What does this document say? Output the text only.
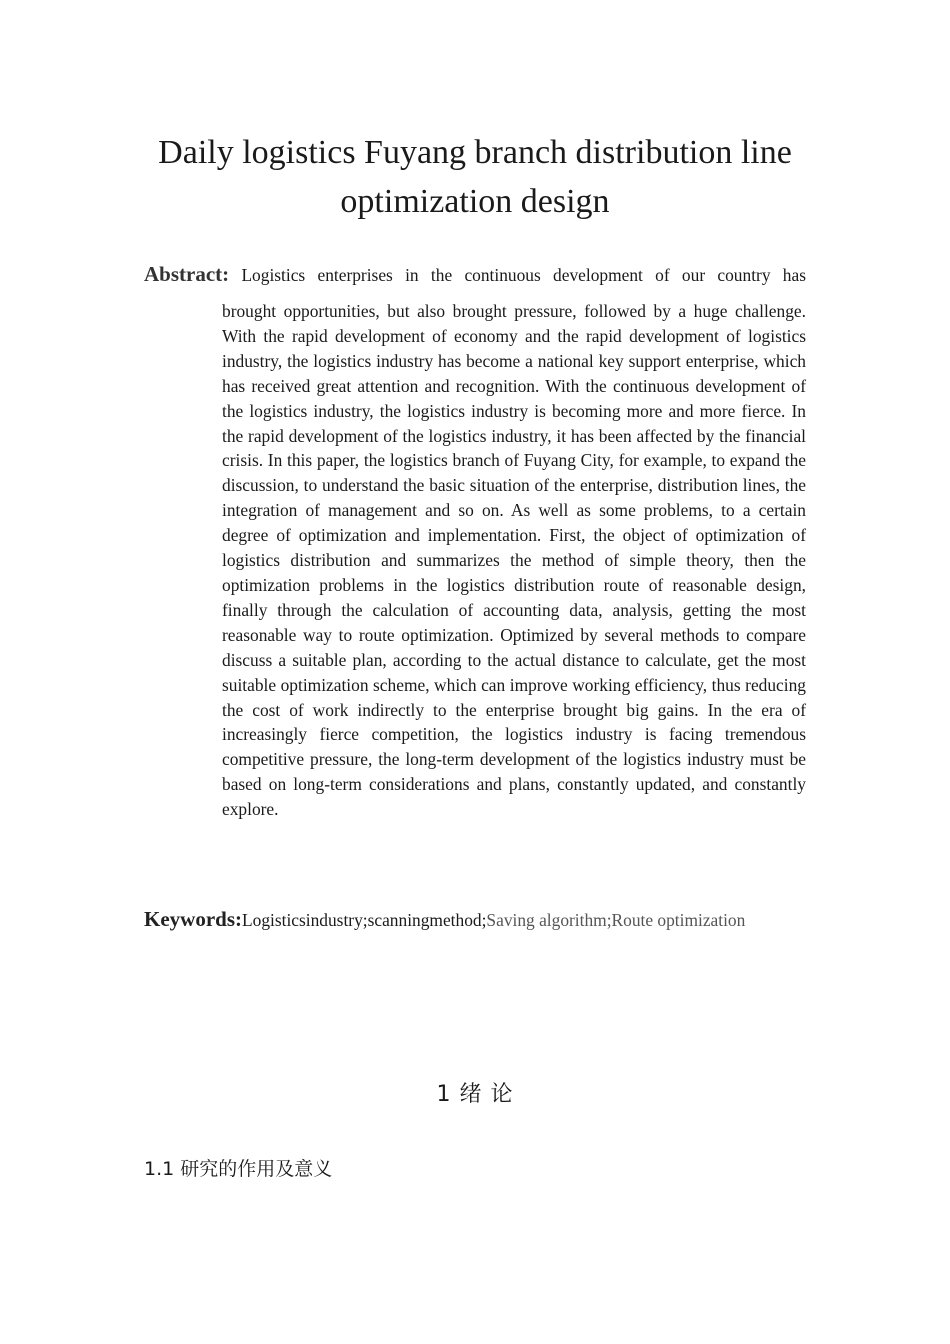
Daily logistics Fuyang branch distribution line
optimization design
Abstract: Logistics enterprises in the continuous development of our country has

brought opportunities, but also brought pressure, followed by a huge challenge. With the rapid development of economy and the rapid development of logistics industry, the logistics industry has become a national key support enterprise, which has received great attention and recognition. With the continuous development of the logistics industry, the logistics industry is becoming more and more fierce. In the rapid development of the logistics industry, it has been affected by the financial crisis. In this paper, the logistics branch of Fuyang City, for example, to expand the discussion, to understand the basic situation of the enterprise, distribution lines, the integration of management and so on. As well as some problems, to a certain degree of optimization and implementation. First, the object of optimization of logistics distribution and summarizes the method of simple theory, then the optimization problems in the logistics distribution route of reasonable design, finally through the calculation of accounting data, analysis, getting the most reasonable way to route optimization. Optimized by several methods to compare discuss a suitable plan, according to the actual distance to calculate, get the most suitable optimization scheme, which can improve working efficiency, thus reducing the cost of work indirectly to the enterprise brought big gains. In the era of increasingly fierce competition, the logistics industry is facing tremendous competitive pressure, the long-term development of the logistics industry must be based on long-term considerations and plans, constantly updated, and constantly explore.

Keywords:Logisticsindustry;scanningmethod;Saving algorithm;Route optimization
1 绪 论
1.1 研究的作用及意义
